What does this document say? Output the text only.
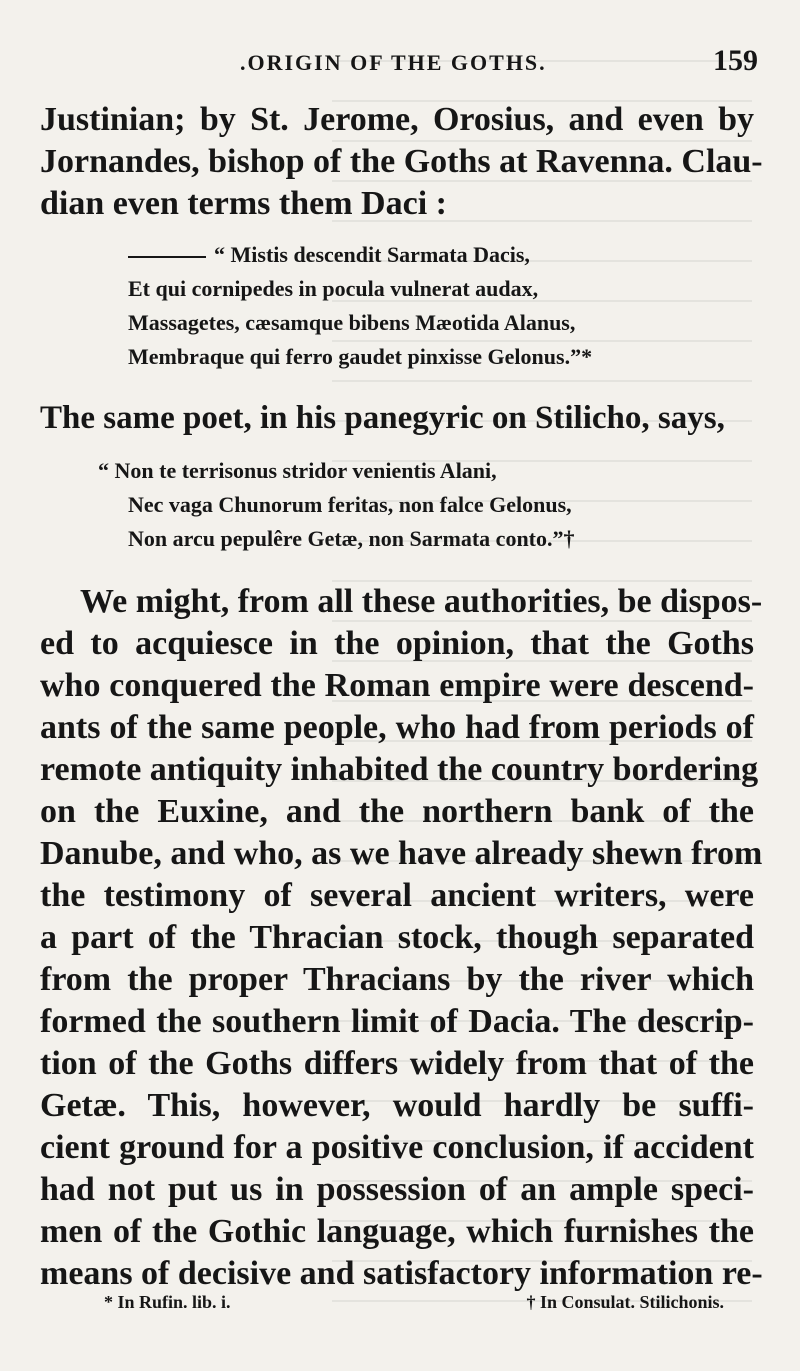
.ORIGIN OF THE GOTHS.	159
Justinian; by St. Jerome, Orosius, and even by
Jornandes, bishop of the Goths at Ravenna. Clau-
dian even terms them Daci :
“ Mistis descendit Sarmata Dacis,
Et qui cornipedes in pocula vulnerat audax,
Massagetes, cæsamque bibens Mæotida Alanus,
Membraque qui ferro gaudet pinxisse Gelonus.”*
The same poet, in his panegyric on Stilicho, says,
“ Non te terrisonus stridor venientis Alani,
Nec vaga Chunorum feritas, non falce Gelonus,
Non arcu pepulêre Getæ, non Sarmata conto.”†
We might, from all these authorities, be dispos-
ed to acquiesce in the opinion, that the Goths
who conquered the Roman empire were descend-
ants of the same people, who had from periods of
remote antiquity inhabited the country bordering
on the Euxine, and the northern bank of the
Danube, and who, as we have already shewn from
the testimony of several ancient writers, were
a part of the Thracian stock, though separated
from the proper Thracians by the river which
formed the southern limit of Dacia. The descrip-
tion of the Goths differs widely from that of the
Getæ. This, however, would hardly be suffi-
cient ground for a positive conclusion, if accident
had not put us in possession of an ample speci-
men of the Gothic language, which furnishes the
means of decisive and satisfactory information re-
* In Rufin. lib. i.	† In Consulat. Stilichonis.
